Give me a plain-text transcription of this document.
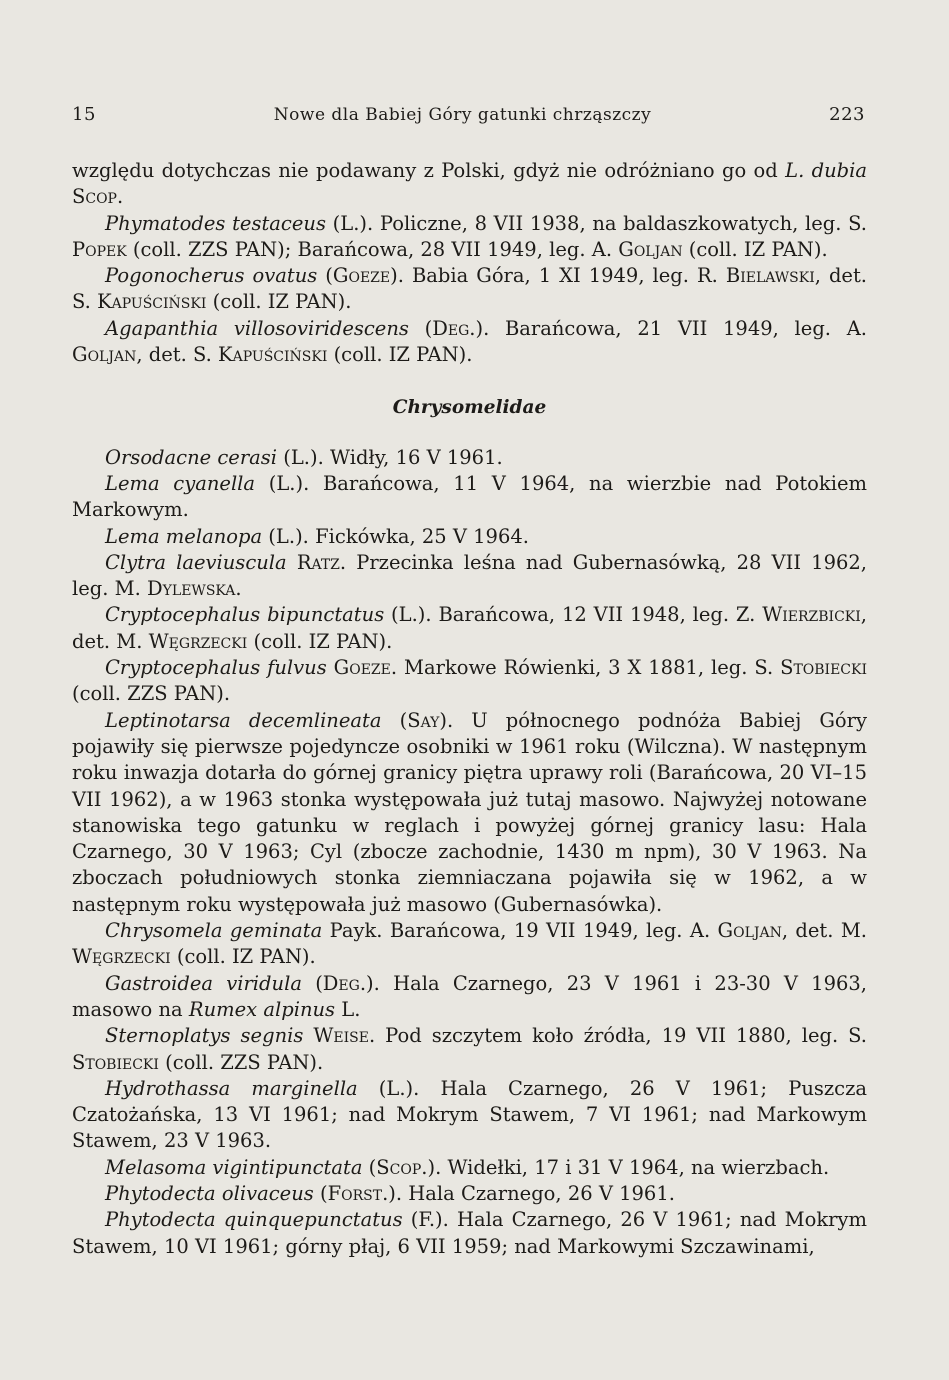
15	Nowe dla Babiej Góry gatunki chrząszczy	223

względu dotychczas nie podawany z Polski, gdyż nie odróżniano go od L. dubia Scop.

Phymatodes testaceus (L.). Policzne, 8 VII 1938, na baldaszkowatych, leg. S. Popek (coll. ZZS PAN); Barańcowa, 28 VII 1949, leg. A. Goljan (coll. IZ PAN).

Pogonocherus ovatus (Goeze). Babia Góra, 1 XI 1949, leg. R. Bielawski, det. S. Kapuściński (coll. IZ PAN).

Agapanthia villosoviridescens (Deg.). Barańcowa, 21 VII 1949, leg. A. Goljan, det. S. Kapuściński (coll. IZ PAN).

Chrysomelidae

Orsodacne cerasi (L.). Widły, 16 V 1961.

Lema cyanella (L.). Barańcowa, 11 V 1964, na wierzbie nad Potokiem Markowym.

Lema melanopa (L.). Fickówka, 25 V 1964.

Clytra laeviuscula Ratz. Przecinka leśna nad Gubernasówką, 28 VII 1962, leg. M. Dylewska.

Cryptocephalus bipunctatus (L.). Barańcowa, 12 VII 1948, leg. Z. Wierzbicki, det. M. Węgrzecki (coll. IZ PAN).

Cryptocephalus fulvus Goeze. Markowe Rówienki, 3 X 1881, leg. S. Stobiecki (coll. ZZS PAN).

Leptinotarsa decemlineata (Say). U północnego podnóża Babiej Góry pojawiły się pierwsze pojedyncze osobniki w 1961 roku (Wilczna). W następnym roku inwazja dotarła do górnej granicy piętra uprawy roli (Barańcowa, 20 VI–15 VII 1962), a w 1963 stonka występowała już tutaj masowo. Najwyżej notowane stanowiska tego gatunku w reglach i powyżej górnej granicy lasu: Hala Czarnego, 30 V 1963; Cyl (zbocze zachodnie, 1430 m npm), 30 V 1963. Na zboczach południowych stonka ziemniaczana pojawiła się w 1962, a w następnym roku występowała już masowo (Gubernasówka).

Chrysomela geminata Payk. Barańcowa, 19 VII 1949, leg. A. Goljan, det. M. Węgrzecki (coll. IZ PAN).

Gastroidea viridula (Deg.). Hala Czarnego, 23 V 1961 i 23-30 V 1963, masowo na Rumex alpinus L.

Sternoplatys segnis Weise. Pod szczytem koło źródła, 19 VII 1880, leg. S. Stobiecki (coll. ZZS PAN).

Hydrothassa marginella (L.). Hala Czarnego, 26 V 1961; Puszcza Czatożańska, 13 VI 1961; nad Mokrym Stawem, 7 VI 1961; nad Markowym Stawem, 23 V 1963.

Melasoma vigintipunctata (Scop.). Widełki, 17 i 31 V 1964, na wierzbach.

Phytodecta olivaceus (Forst.). Hala Czarnego, 26 V 1961.

Phytodecta quinquepunctatus (F.). Hala Czarnego, 26 V 1961; nad Mokrym Stawem, 10 VI 1961; górny płaj, 6 VII 1959; nad Markowymi Szczawinami,
